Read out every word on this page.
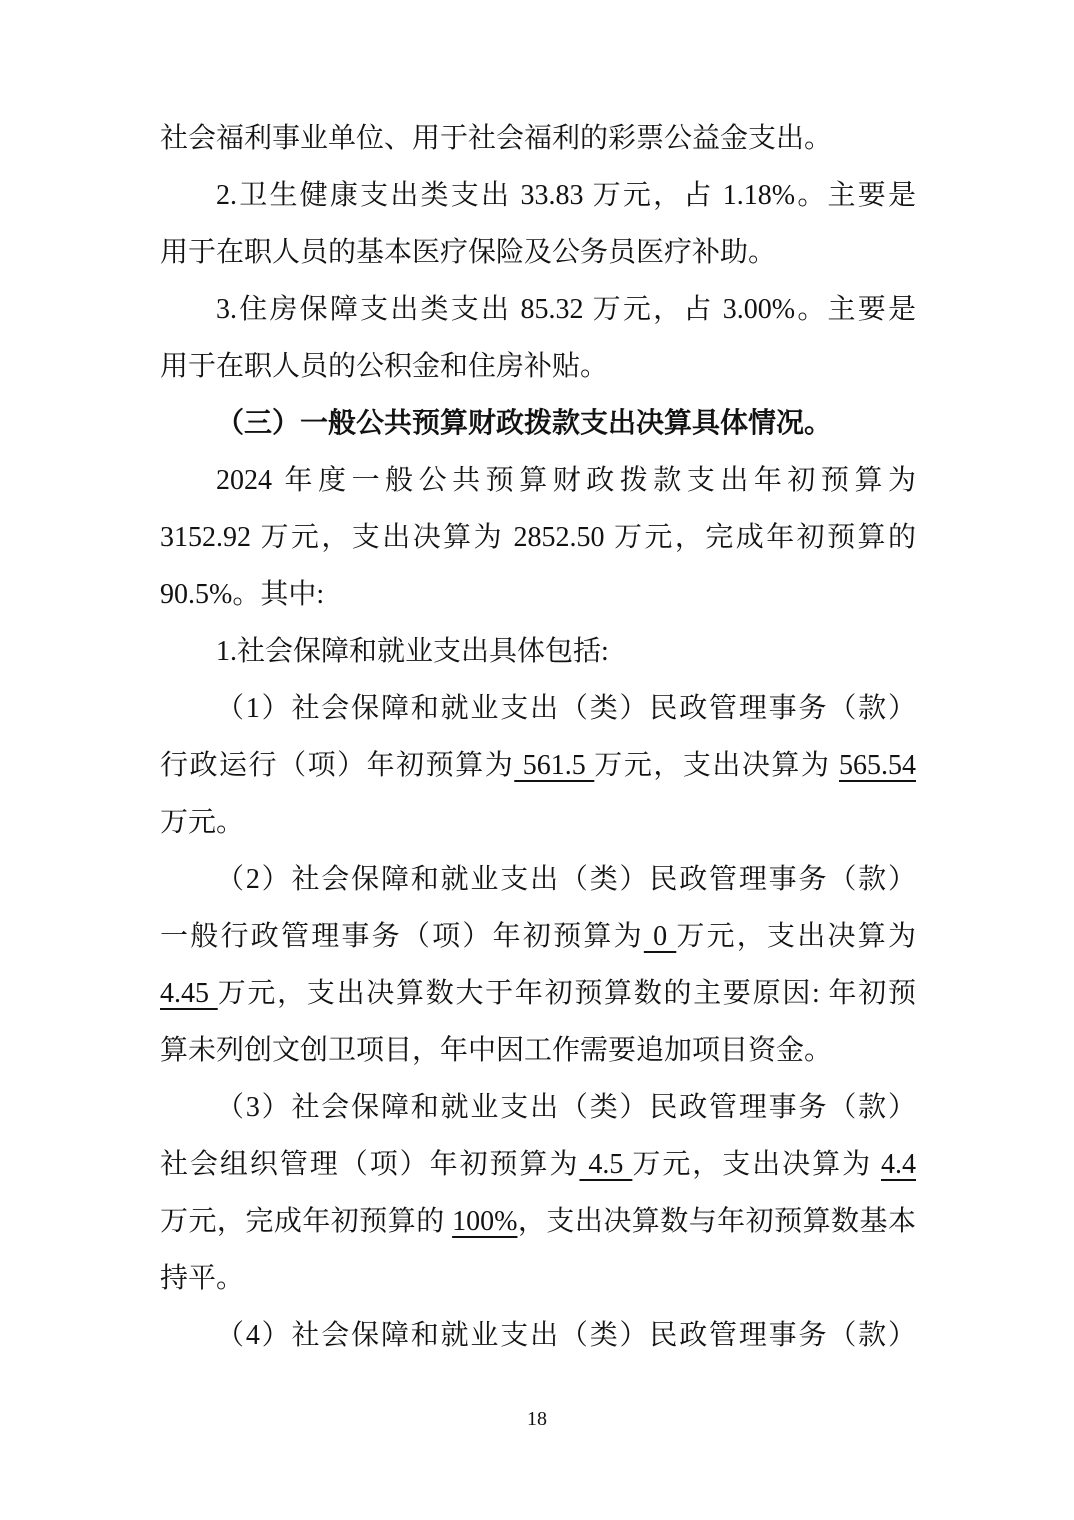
社会福利事业单位、用于社会福利的彩票公益金支出。
2.卫生健康支出类支出 33.83 万元，占 1.18%。主要是
用于在职人员的基本医疗保险及公务员医疗补助。
3.住房保障支出类支出 85.32 万元，占 3.00%。主要是
用于在职人员的公积金和住房补贴。
（三）一般公共预算财政拨款支出决算具体情况。
2024 年度一般公共预算财政拨款支出年初预算为
3152.92 万元，支出决算为 2852.50 万元，完成年初预算的
90.5%。其中:
1.社会保障和就业支出具体包括:
（1）社会保障和就业支出（类）民政管理事务（款）
行政运行（项）年初预算为 561.5 万元，支出决算为 565.54
万元。
（2）社会保障和就业支出（类）民政管理事务（款）
一般行政管理事务（项）年初预算为 0 万元，支出决算为
4.45 万元，支出决算数大于年初预算数的主要原因: 年初预
算未列创文创卫项目，年中因工作需要追加项目资金。
（3）社会保障和就业支出（类）民政管理事务（款）
社会组织管理（项）年初预算为 4.5 万元，支出决算为 4.4
万元，完成年初预算的 100%，支出决算数与年初预算数基本
持平。
（4）社会保障和就业支出（类）民政管理事务（款）
18
